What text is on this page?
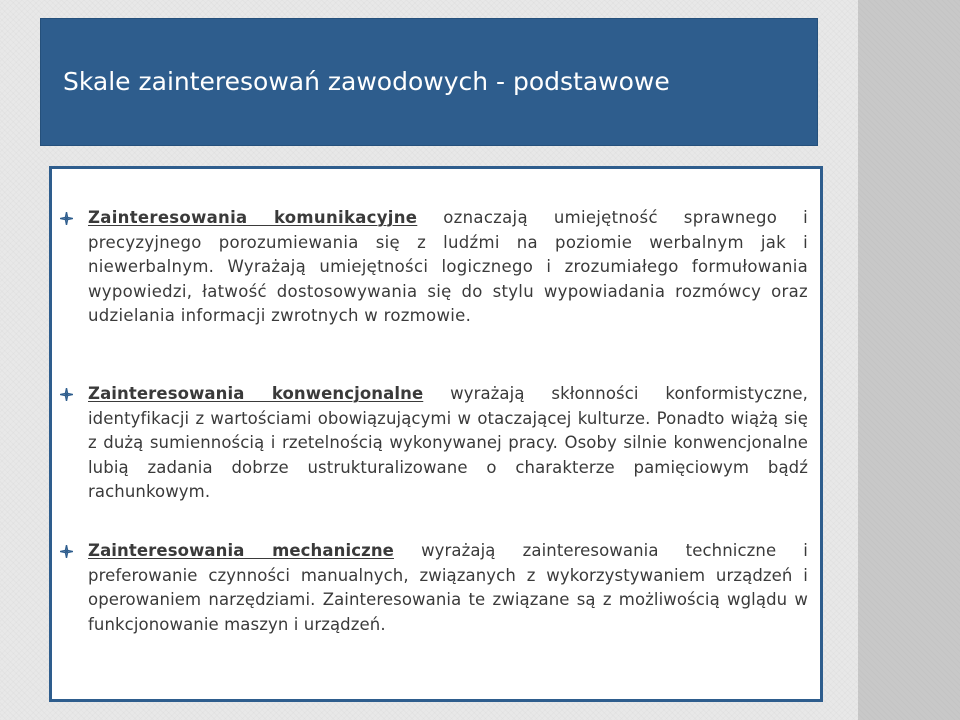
Skale zainteresowań zawodowych - podstawowe

Zainteresowania komunikacyjne oznaczają umiejętność sprawnego i precyzyjnego porozumiewania się z ludźmi na poziomie werbalnym jak i niewerbalnym. Wyrażają umiejętności logicznego i zrozumiałego formułowania wypowiedzi, łatwość dostosowywania się do stylu wypowiadania rozmówcy oraz udzielania informacji zwrotnych w rozmowie.

Zainteresowania konwencjonalne wyrażają skłonności konformistyczne, identyfikacji z wartościami obowiązującymi w otaczającej kulturze. Ponadto wiążą się z dużą sumiennością i rzetelnością wykonywanej pracy. Osoby silnie konwencjonalne lubią zadania dobrze ustrukturalizowane o charakterze pamięciowym bądź rachunkowym.

Zainteresowania mechaniczne wyrażają zainteresowania techniczne i preferowanie czynności manualnych, związanych z wykorzystywaniem urządzeń i operowaniem narzędziami. Zainteresowania te związane są z możliwością wglądu w funkcjonowanie maszyn i urządzeń.
